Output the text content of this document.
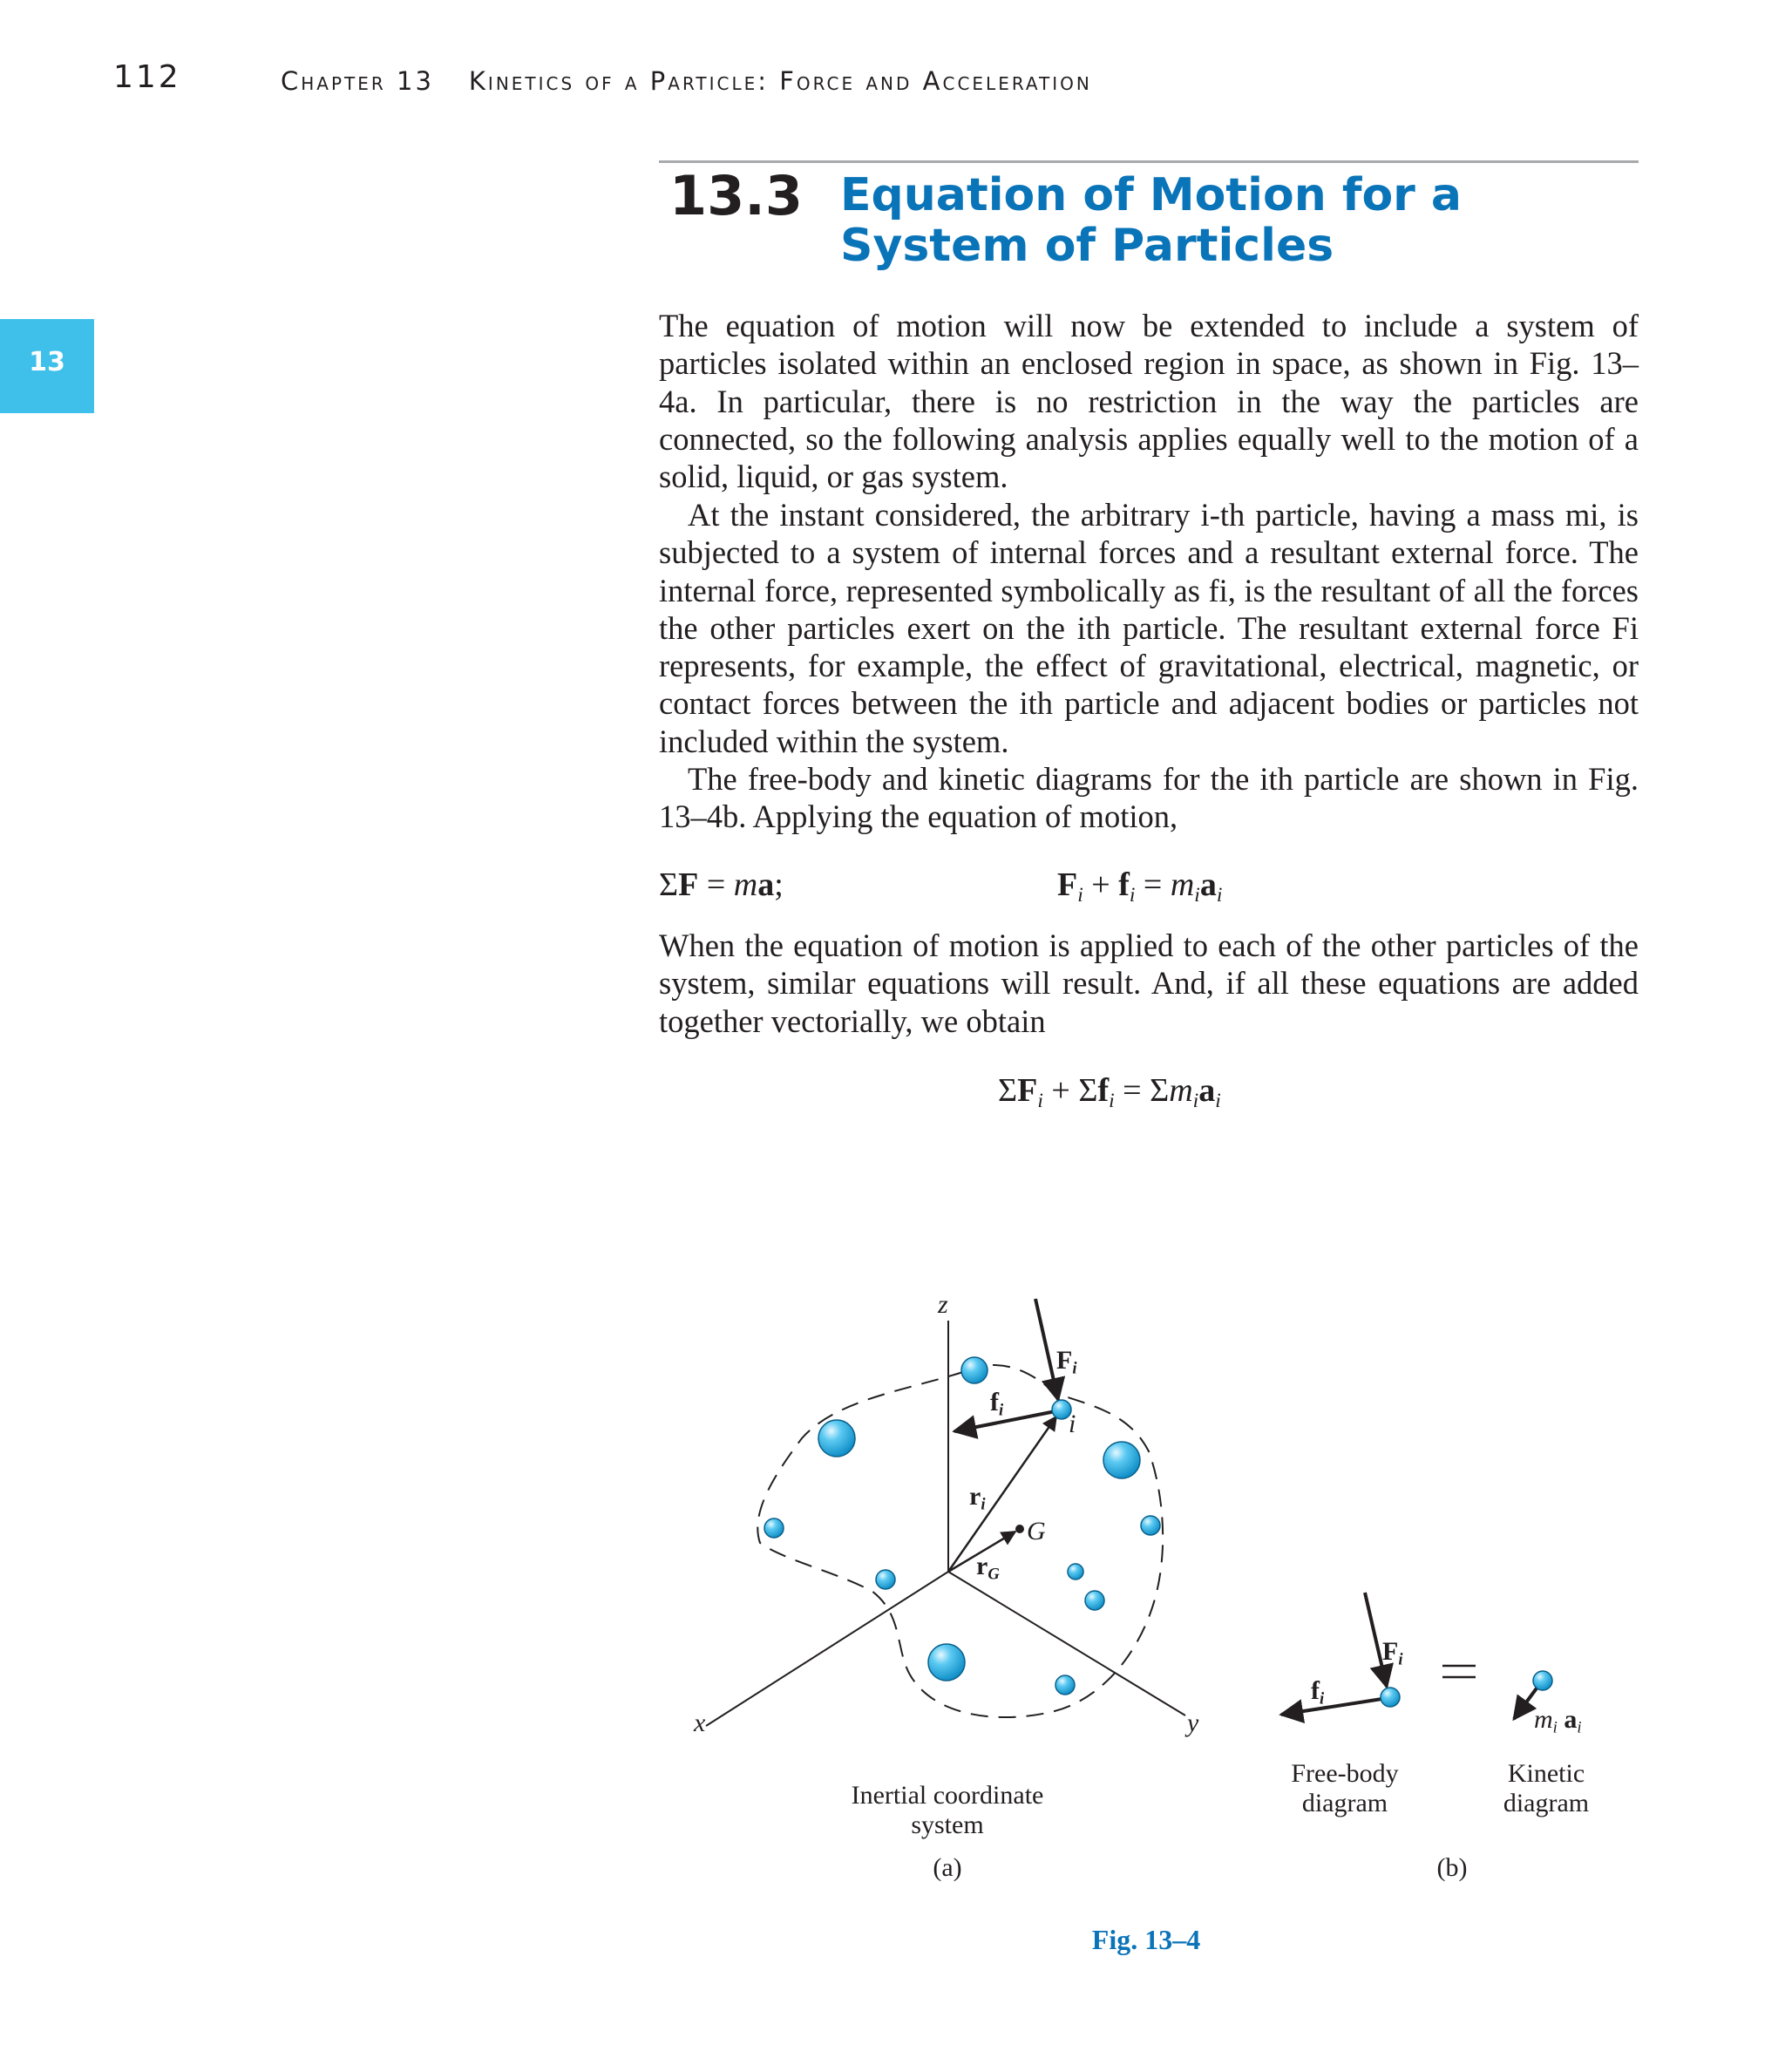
112	Chapter 13 Kinetics of a Particle: Force and Acceleration
13
13.3 Equation of Motion for a System of Particles
The equation of motion will now be extended to include a system of particles isolated within an enclosed region in space, as shown in Fig. 13–4a. In particular, there is no restriction in the way the particles are connected, so the following analysis applies equally well to the motion of a solid, liquid, or gas system.
At the instant considered, the arbitrary i-th particle, having a mass mi, is subjected to a system of internal forces and a resultant external force. The internal force, represented symbolically as fi, is the resultant of all the forces the other particles exert on the ith particle. The resultant external force Fi represents, for example, the effect of gravitational, electrical, magnetic, or contact forces between the ith particle and adjacent bodies or particles not included within the system.
The free-body and kinetic diagrams for the ith particle are shown in Fig. 13–4b. Applying the equation of motion,
ΣF = ma;	$F_i + f_i = m_ia_i$
When the equation of motion is applied to each of the other particles of the system, similar equations will result. And, if all these equations are added together vectorially, we obtain
$\Sigma F_i + \Sigma f_i = \Sigma m_ia_i$
z
x	y
$F_i$
$f_i$ i
$r_i$
G
$r_G$
$F_i$
$f_i$
$m_i$ $a_i$
Inertial coordinate system
(a)
Free-body diagram
Kinetic diagram
(b)
Fig. 13–4
